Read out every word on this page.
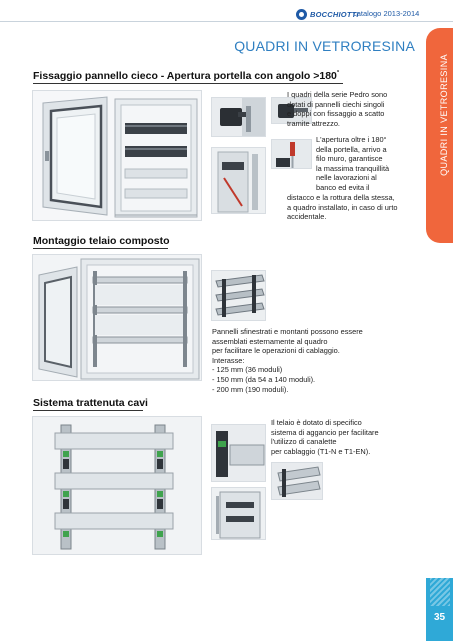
BOCCHIOTTI
catalogo 2013-2014
QUADRI IN VETRORESINA
QUADRI IN VETRORESINA
35
Fissaggio pannello cieco - Apertura portella con angolo >180°
I quadri della serie Pedro sono
dotati di pannelli ciechi singoli
e doppi con fissaggio a scatto
tramite attrezzo.
L'apertura oltre i 180°
della portella, arrivo a
filo muro, garantisce
la massima tranquillità
nelle lavorazioni al
banco ed evita il
distacco e la rottura della stessa,
a quadro installato, in caso di urto
accidentale.
Montaggio telaio composto
Pannelli sfinestrati e montanti possono essere
assemblati esternamente al quadro
per facilitare le operazioni di cablaggio.
Interasse:
- 125 mm (36 moduli)
- 150 mm (da 54 a 140 moduli).
- 200 mm (190 moduli).
Sistema trattenuta cavi
Il telaio è dotato di specifico
sistema di aggancio per facilitare
l'utilizzo di canalette
per cablaggio (T1-N e T1-EN).
